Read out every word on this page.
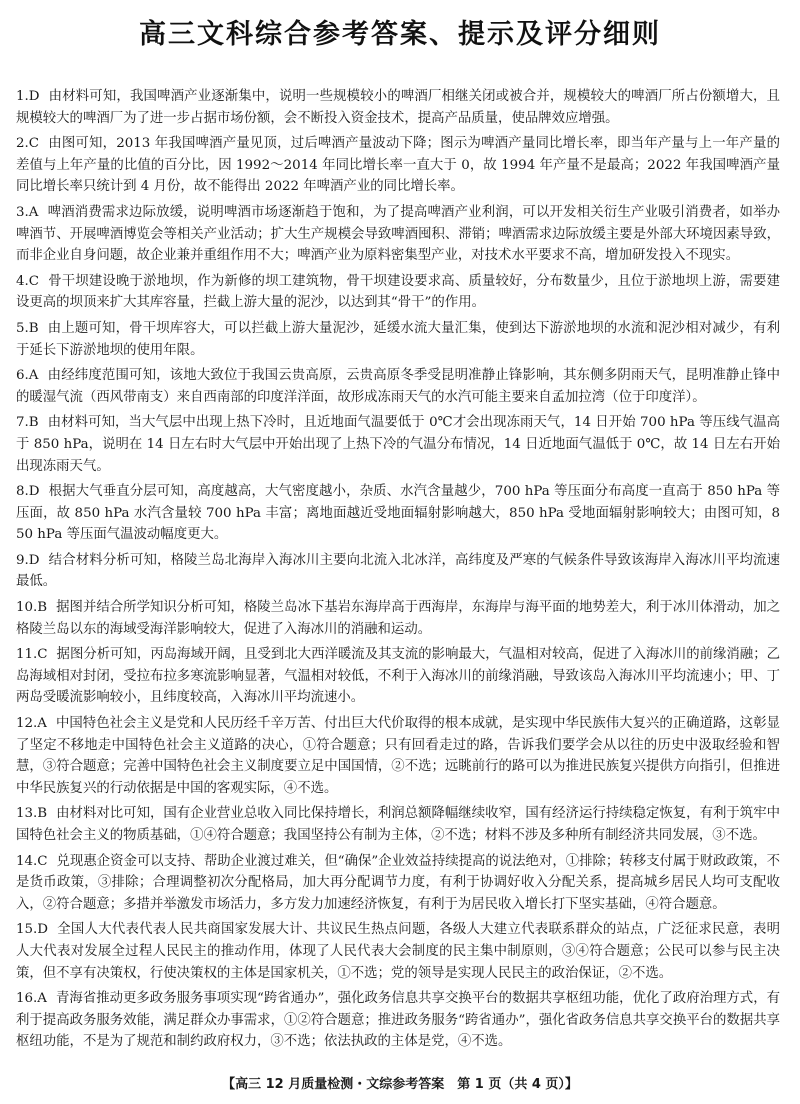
高三文科综合参考答案、提示及评分细则
1.D 由材料可知，我国啤酒产业逐渐集中，说明一些规模较小的啤酒厂相继关闭或被合并，规模较大的啤酒厂所占份额增大，且规模较大的啤酒厂为了进一步占据市场份额，会不断投入资金技术，提高产品质量，使品牌效应增强。
2.C 由图可知，2013 年我国啤酒产量见顶，过后啤酒产量波动下降；图示为啤酒产量同比增长率，即当年产量与上一年产量的差值与上年产量的比值的百分比，因 1992～2014 年同比增长率一直大于 0，故 1994 年产量不是最高；2022 年我国啤酒产量同比增长率只统计到 4 月份，故不能得出 2022 年啤酒产业的同比增长率。
3.A 啤酒消费需求边际放缓，说明啤酒市场逐渐趋于饱和，为了提高啤酒产业利润，可以开发相关衍生产业吸引消费者，如举办啤酒节、开展啤酒博览会等相关产业活动；扩大生产规模会导致啤酒囤积、滞销；啤酒需求边际放缓主要是外部大环境因素导致，而非企业自身问题，故企业兼并重组作用不大；啤酒产业为原料密集型产业，对技术水平要求不高，增加研发投入不现实。
4.C 骨干坝建设晚于淤地坝，作为新修的坝工建筑物，骨干坝建设要求高、质量较好，分布数量少，且位于淤地坝上游，需要建设更高的坝顶来扩大其库容量，拦截上游大量的泥沙，以达到其“骨干”的作用。
5.B 由上题可知，骨干坝库容大，可以拦截上游大量泥沙，延缓水流大量汇集，使到达下游淤地坝的水流和泥沙相对减少，有利于延长下游淤地坝的使用年限。
6.A 由经纬度范围可知，该地大致位于我国云贵高原，云贵高原冬季受昆明准静止锋影响，其东侧多阴雨天气，昆明准静止锋中的暖湿气流（西风带南支）来自西南部的印度洋洋面，故形成冻雨天气的水汽可能主要来自孟加拉湾（位于印度洋）。
7.B 由材料可知，当大气层中出现上热下冷时，且近地面气温要低于 0℃才会出现冻雨天气，14 日开始 700 hPa 等压线气温高于 850 hPa，说明在 14 日左右时大气层中开始出现了上热下冷的气温分布情况，14 日近地面气温低于 0℃，故 14 日左右开始出现冻雨天气。
8.D 根据大气垂直分层可知，高度越高，大气密度越小，杂质、水汽含量越少，700 hPa 等压面分布高度一直高于 850 hPa 等压面，故 850 hPa 水汽含量较 700 hPa 丰富；离地面越近受地面辐射影响越大，850 hPa 受地面辐射影响较大；由图可知，850 hPa 等压面气温波动幅度更大。
9.D 结合材料分析可知，格陵兰岛北海岸入海冰川主要向北流入北冰洋，高纬度及严寒的气候条件导致该海岸入海冰川平均流速最低。
10.B 据图并结合所学知识分析可知，格陵兰岛冰下基岩东海岸高于西海岸，东海岸与海平面的地势差大，利于冰川体滑动，加之格陵兰岛以东的海域受海洋影响较大，促进了入海冰川的消融和运动。
11.C 据图分析可知，丙岛海域开阔，且受到北大西洋暖流及其支流的影响最大，气温相对较高，促进了入海冰川的前缘消融；乙岛海域相对封闭，受拉布拉多寒流影响显著，气温相对较低，不利于入海冰川的前缘消融，导致该岛入海冰川平均流速小；甲、丁两岛受暖流影响较小，且纬度较高，入海冰川平均流速小。
12.A 中国特色社会主义是党和人民历经千辛万苦、付出巨大代价取得的根本成就，是实现中华民族伟大复兴的正确道路，这彰显了坚定不移地走中国特色社会主义道路的决心，①符合题意；只有回看走过的路，告诉我们要学会从以往的历史中汲取经验和智慧，③符合题意；完善中国特色社会主义制度要立足中国国情，②不选；远眺前行的路可以为推进民族复兴提供方向指引，但推进中华民族复兴的行动依据是中国的客观实际，④不选。
13.B 由材料对比可知，国有企业营业总收入同比保持增长，利润总额降幅继续收窄，国有经济运行持续稳定恢复，有利于筑牢中国特色社会主义的物质基础，①④符合题意；我国坚持公有制为主体，②不选；材料不涉及多种所有制经济共同发展，③不选。
14.C 兑现惠企资金可以支持、帮助企业渡过难关，但“确保”企业效益持续提高的说法绝对，①排除；转移支付属于财政政策，不是货币政策，③排除；合理调整初次分配格局，加大再分配调节力度，有利于协调好收入分配关系，提高城乡居民人均可支配收入，②符合题意；多措并举激发市场活力，多方发力加速经济恢复，有利于为居民收入增长打下坚实基础，④符合题意。
15.D 全国人大代表代表人民共商国家发展大计、共议民生热点问题，各级人大建立代表联系群众的站点，广泛征求民意，表明人大代表对发展全过程人民民主的推动作用，体现了人民代表大会制度的民主集中制原则，③④符合题意；公民可以参与民主决策，但不享有决策权，行使决策权的主体是国家机关，①不选；党的领导是实现人民民主的政治保证，②不选。
16.A 青海省推动更多政务服务事项实现“跨省通办”，强化政务信息共享交换平台的数据共享枢纽功能，优化了政府治理方式，有利于提高政务服务效能，满足群众办事需求，①②符合题意；推进政务服务“跨省通办”，强化省政务信息共享交换平台的数据共享枢纽功能，不是为了规范和制约政府权力，③不选；依法执政的主体是党，④不选。
【高三 12 月质量检测・文综参考答案　第 1 页（共 4 页）】
